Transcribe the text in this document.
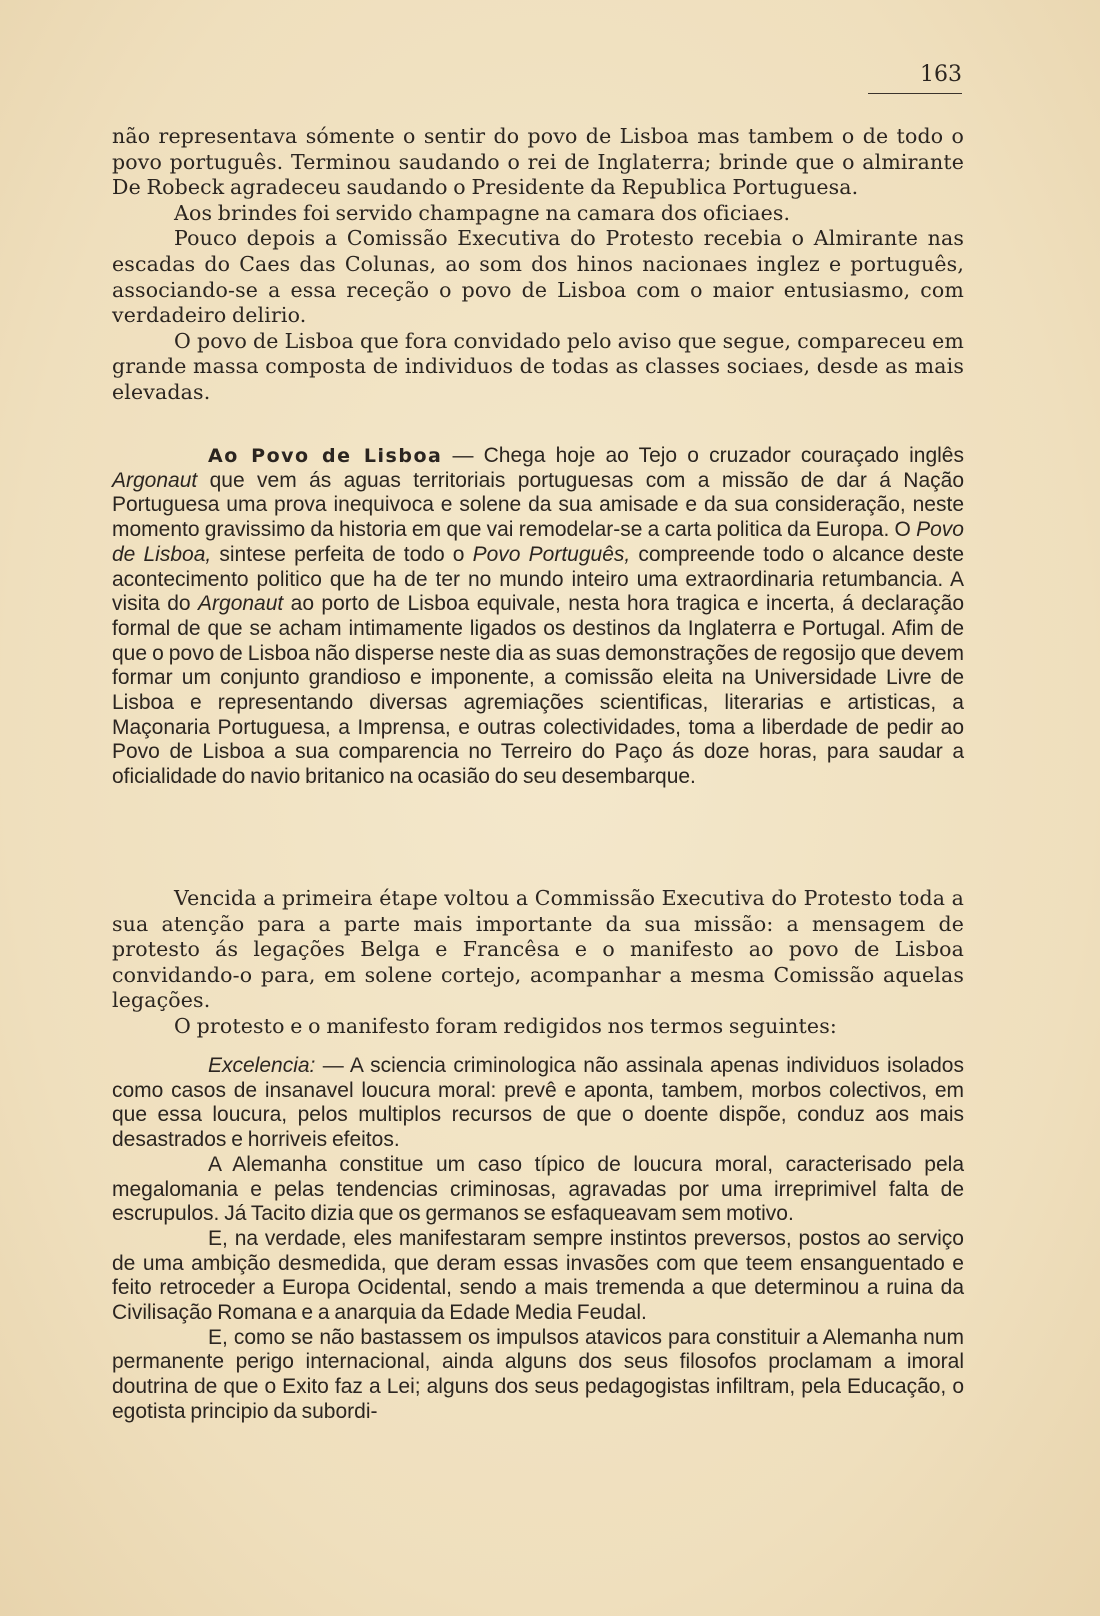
163

não representava sómente o sentir do povo de Lisboa mas tambem o de todo o povo português. Terminou saudando o rei de Inglaterra; brinde que o almirante De Robeck agradeceu saudando o Presidente da Republica Portuguesa.

Aos brindes foi servido champagne na camara dos oficiaes.

Pouco depois a Comissão Executiva do Protesto recebia o Almirante nas escadas do Caes das Colunas, ao som dos hinos nacionaes inglez e português, associando-se a essa receção o povo de Lisboa com o maior entusiasmo, com verdadeiro delirio.

O povo de Lisboa que fora convidado pelo aviso que segue, compareceu em grande massa composta de individuos de todas as classes sociaes, desde as mais elevadas.

Ao Povo de Lisboa — Chega hoje ao Tejo o cruzador couraçado inglês Argonaut que vem ás aguas territoriais portuguesas com a missão de dar á Nação Portuguesa uma prova inequivoca e solene da sua amisade e da sua consideração, neste momento gravissimo da historia em que vai remodelar-se a carta politica da Europa. O Povo de Lisboa, sintese perfeita de todo o Povo Português, compreende todo o alcance deste acontecimento politico que ha de ter no mundo inteiro uma extraordinaria retumbancia. A visita do Argonaut ao porto de Lisboa equivale, nesta hora tragica e incerta, á declaração formal de que se acham intimamente ligados os destinos da Inglaterra e Portugal. Afim de que o povo de Lisboa não disperse neste dia as suas demonstrações de regosijo que devem formar um conjunto grandioso e imponente, a comissão eleita na Universidade Livre de Lisboa e representando diversas agremiações scientificas, literarias e artisticas, a Maçonaria Portuguesa, a Imprensa, e outras colectividades, toma a liberdade de pedir ao Povo de Lisboa a sua comparencia no Terreiro do Paço ás doze horas, para saudar a oficialidade do navio britanico na ocasião do seu desembarque.

Vencida a primeira étape voltou a Commissão Executiva do Protesto toda a sua atenção para a parte mais importante da sua missão: a mensagem de protesto ás legações Belga e Francêsa e o manifesto ao povo de Lisboa convidando-o para, em solene cortejo, acompanhar a mesma Comissão aquelas legações.

O protesto e o manifesto foram redigidos nos termos seguintes:

Excelencia: — A sciencia criminologica não assinala apenas individuos isolados como casos de insanavel loucura moral: prevê e aponta, tambem, morbos colectivos, em que essa loucura, pelos multiplos recursos de que o doente dispõe, conduz aos mais desastrados e horriveis efeitos.

A Alemanha constitue um caso típico de loucura moral, caracterisado pela megalomania e pelas tendencias criminosas, agravadas por uma irreprimivel falta de escrupulos. Já Tacito dizia que os germanos se esfaqueavam sem motivo.

E, na verdade, eles manifestaram sempre instintos preversos, postos ao serviço de uma ambição desmedida, que deram essas invasões com que teem ensanguentado e feito retroceder a Europa Ocidental, sendo a mais tremenda a que determinou a ruina da Civilisação Romana e a anarquia da Edade Media Feudal.

E, como se não bastassem os impulsos atavicos para constituir a Alemanha num permanente perigo internacional, ainda alguns dos seus filosofos proclamam a imoral doutrina de que o Exito faz a Lei; alguns dos seus pedagogistas infiltram, pela Educação, o egotista principio da subordi-
